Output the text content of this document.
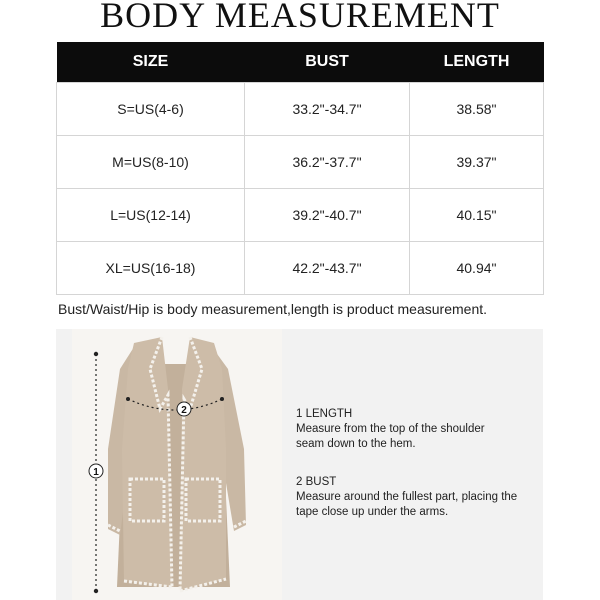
BODY MEASUREMENT
SIZE	BUST	LENGTH
S=US(4-6)	33.2"-34.7"	38.58"
M=US(8-10)	36.2"-37.7"	39.37"
L=US(12-14)	39.2"-40.7"	40.15"
XL=US(16-18)	42.2"-43.7"	40.94"
Bust/Waist/Hip is body measurement,length is product measurement.
2
1
1 LENGTH
Measure from the top of the shoulder seam down to the hem.
2 BUST
Measure around the fullest part, placing the tape close up under the arms.
